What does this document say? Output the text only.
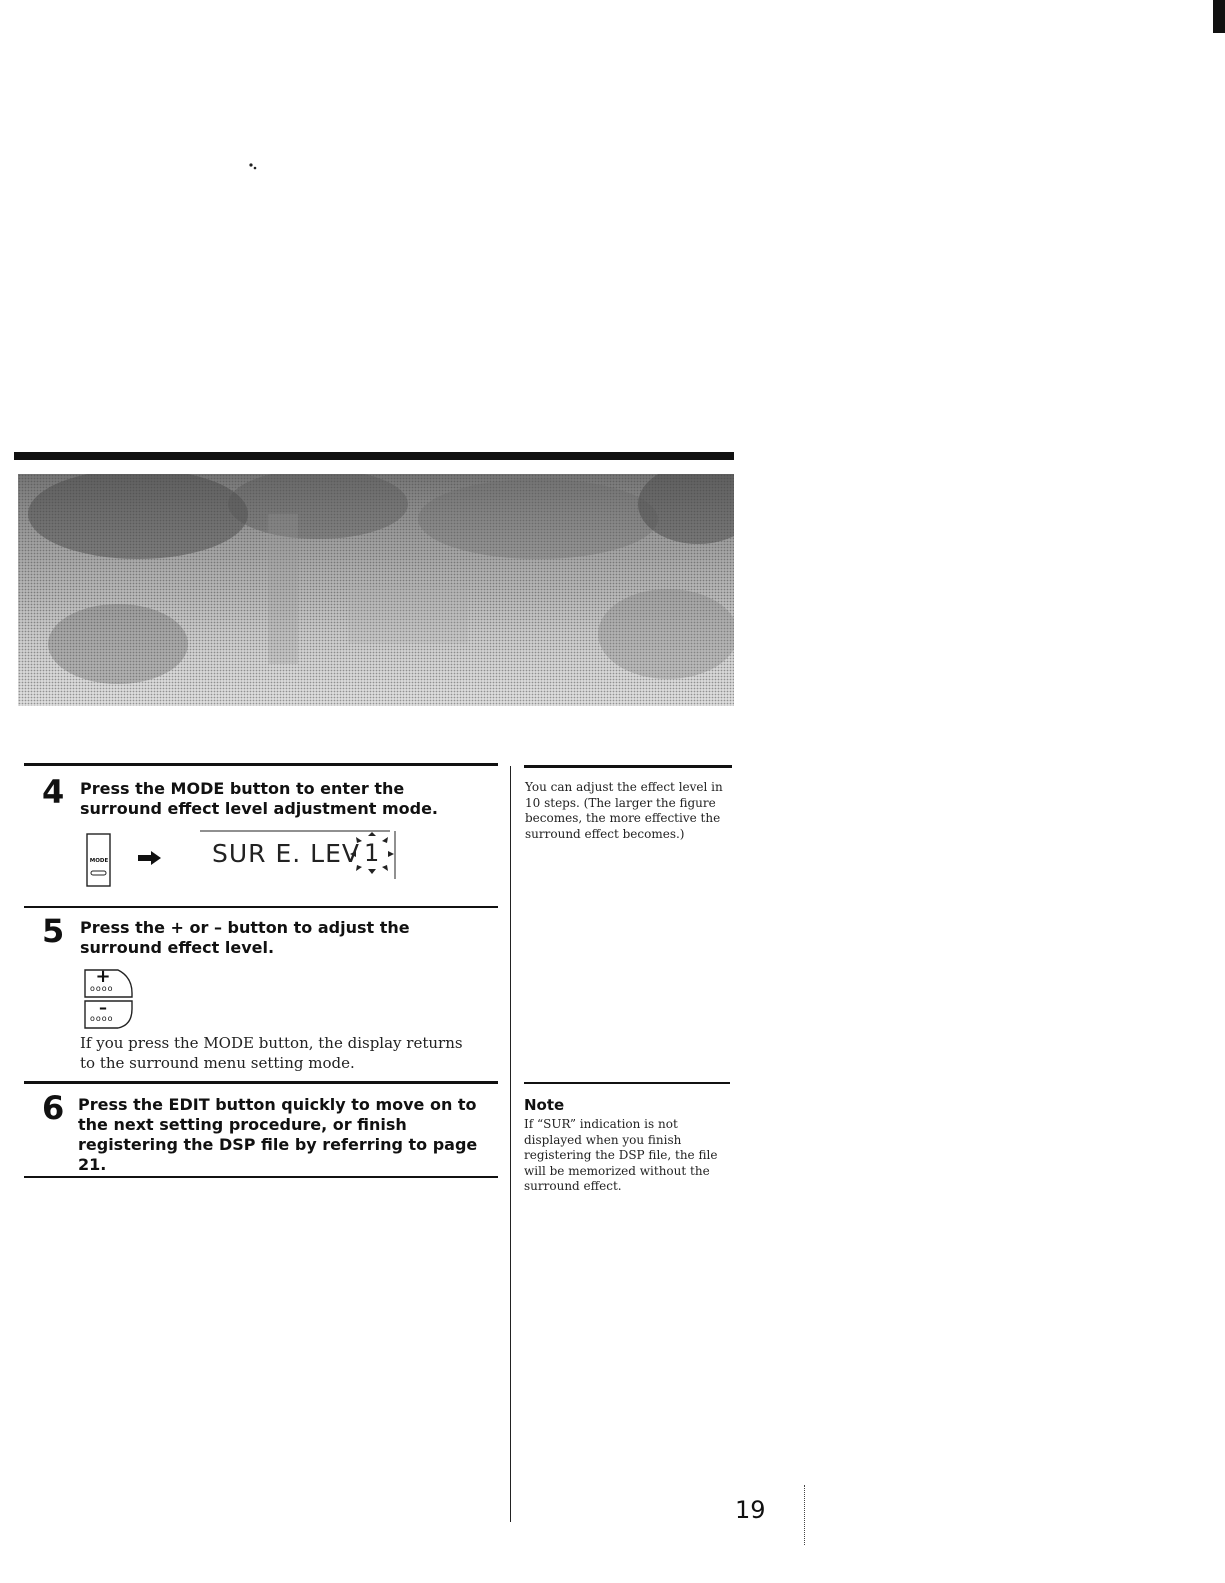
4 Press the MODE button to enter the surround effect level adjustment mode.
MODE	SUR E. LEV 1
5 Press the + or – button to adjust the surround effect level.
+
oooo
–
oooo
If you press the MODE button, the display returns to the surround menu setting mode.
6 Press the EDIT button quickly to move on to the next setting procedure, or finish registering the DSP file by referring to page 21.
You can adjust the effect level in 10 steps. (The larger the figure becomes, the more effective the surround effect becomes.)
Note
If “SUR” indication is not displayed when you finish registering the DSP file, the file will be memorized without the surround effect.
19
